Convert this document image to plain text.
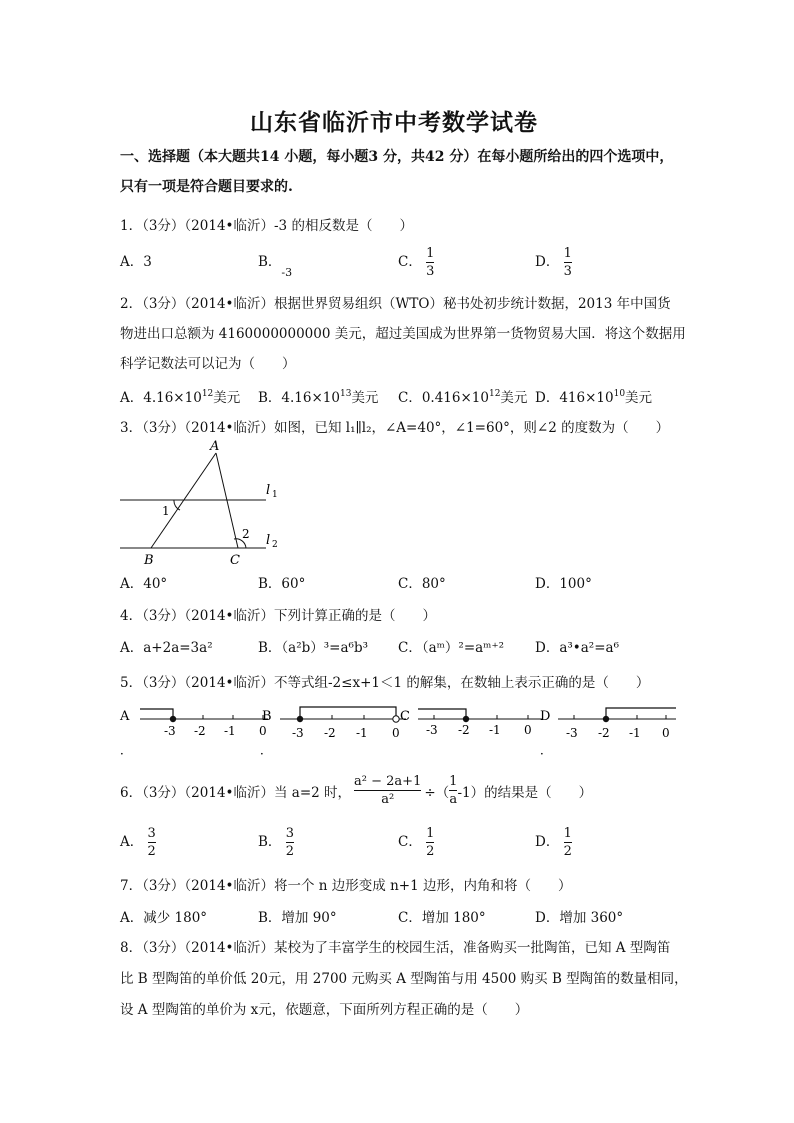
山东省临沂市中考数学试卷
一、选择题（本大题共14 小题，每小题3 分，共42 分）在每小题所给出的四个选项中，
只有一项是符合题目要求的.
1．（3分）（2014•临沂）-3 的相反数是（　　）
A．3	B．$_{-3}$
C． $\frac{1}{3}$	D． $\frac{1}{3}$
2．（3分）（2014•临沂）根据世界贸易组织（WTO）秘书处初步统计数据，2013 年中国货
物进出口总额为 4160000000000 美元，超过美国成为世界第一货物贸易大国．将这个数据用
科学记数法可以记为（　　）
A．$4.16\times 10^{12}$美元 B．$4.16\times 10^{13}$美元 C．$0.416\times 10^{12}$美元 D．$416\times 10^{10}$美元
3．（3分）（2014•临沂）如图，已知 l₁∥l₂，∠A=40°，∠1=60°，则∠2 的度数为（　　）
A
B	C
1
2
l 1
l 2
A．40°	B．60°	C．80°	D．100°
4．（3分）（2014•临沂）下列计算正确的是（　　）
A．a+2a=3a²	B．（a²b）³=a⁶b³ C．（aᵐ）²=aᵐ⁺² D．a³•a²=a⁶
5．（3分）（2014•临沂）不等式组-2≤x+1＜1 的解集，在数轴上表示正确的是（　　）
A
．
-3 -2 -1 0
B
．
-3 -2 -1 0
C
-3 -2 -1 0
D
．
-3 -2 -1 0
6．（3分）（2014•临沂）当 a=2 时， $\frac{\text{a² − 2a+1}}{\text{a²}}$ ÷（ $\frac{1}{a} -1$）的结果是（　　）
A． $\frac{3}{2}$	B． $\frac{3}{2}$	C． $\frac{1}{2}$	D． $\frac{1}{2}$
7．（3分）（2014•临沂）将一个 n 边形变成 n+1 边形，内角和将（　　）
A．减少 180°	B．增加 90°	C．增加 180°	D．增加 360°
8．（3分）（2014•临沂）某校为了丰富学生的校园生活，准备购买一批陶笛，已知 A 型陶笛
比 B 型陶笛的单价低 20元，用 2700 元购买 A 型陶笛与用 4500 购买 B 型陶笛的数量相同，
设 A 型陶笛的单价为 x元，依题意，下面所列方程正确的是（　　）
